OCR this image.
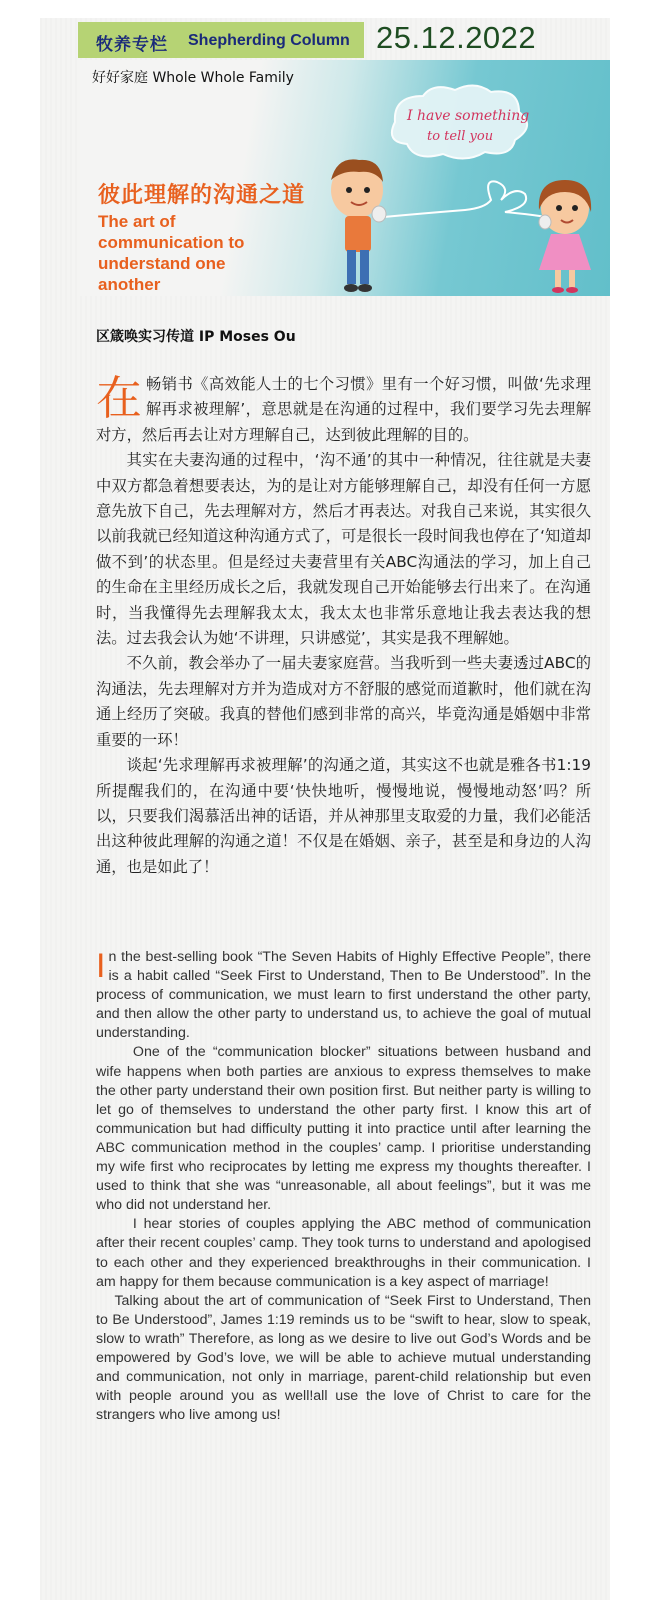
牧养专栏 Shepherding Column 25.12.2022
好好家庭 Whole Whole Family
彼此理解的沟通之道
The art of communication to understand one another
I have something
to tell you
区箴唤实习传道 IP Moses Ou

在畅销书《高效能人士的七个习惯》里有一个好习惯，叫做‘先求理解再求被理解’，意思就是在沟通的过程中，我们要学习先去理解对方，然后再去让对方理解自己，达到彼此理解的目的。

其实在夫妻沟通的过程中，‘沟不通’的其中一种情况，往往就是夫妻中双方都急着想要表达，为的是让对方能够理解自己，却没有任何一方愿意先放下自己，先去理解对方，然后才再表达。对我自己来说，其实很久以前我就已经知道这种沟通方式了，可是很长一段时间我也停在了‘知道却做不到’的状态里。但是经过夫妻营里有关ABC沟通法的学习，加上自己的生命在主里经历成长之后，我就发现自己开始能够去行出来了。在沟通时，当我懂得先去理解我太太，我太太也非常乐意地让我去表达我的想法。过去我会认为她‘不讲理，只讲感觉’，其实是我不理解她。

不久前，教会举办了一届夫妻家庭营。当我听到一些夫妻透过ABC的沟通法，先去理解对方并为造成对方不舒服的感觉而道歉时，他们就在沟通上经历了突破。我真的替他们感到非常的高兴，毕竟沟通是婚姻中非常重要的一环！

谈起‘先求理解再求被理解’的沟通之道，其实这不也就是雅各书1:19所提醒我们的，在沟通中要‘快快地听，慢慢地说，慢慢地动怒’吗？所以，只要我们渴慕活出神的话语，并从神那里支取爱的力量，我们必能活出这种彼此理解的沟通之道！不仅是在婚姻、亲子，甚至是和身边的人沟通，也是如此了！

In the best-selling book “The Seven Habits of Highly Effective People”, there is a habit called “Seek First to Understand, Then to Be Understood”. In the process of communication, we must learn to first understand the other party, and then allow the other party to understand us, to achieve the goal of mutual understanding.

One of the “communication blocker” situations between husband and wife happens when both parties are anxious to express themselves to make the other party understand their own position first. But neither party is willing to let go of themselves to understand the other party first. I know this art of communication but had difficulty putting it into practice until after learning the ABC communication method in the couples’ camp. I prioritise understanding my wife first who reciprocates by letting me express my thoughts thereafter. I used to think that she was “unreasonable, all about feelings”, but it was me who did not understand her.

I hear stories of couples applying the ABC method of communication after their recent couples’ camp. They took turns to understand and apologised to each other and they experienced breakthroughs in their communication. I am happy for them because communication is a key aspect of marriage!

Talking about the art of communication of “Seek First to Understand, Then to Be Understood”, James 1:19 reminds us to be “swift to hear, slow to speak, slow to wrath” Therefore, as long as we desire to live out God’s Words and be empowered by God’s love, we will be able to achieve mutual understanding and communication, not only in marriage, parent-child relationship but even with people around you as well!all use the love of Christ to care for the strangers who live among us!
